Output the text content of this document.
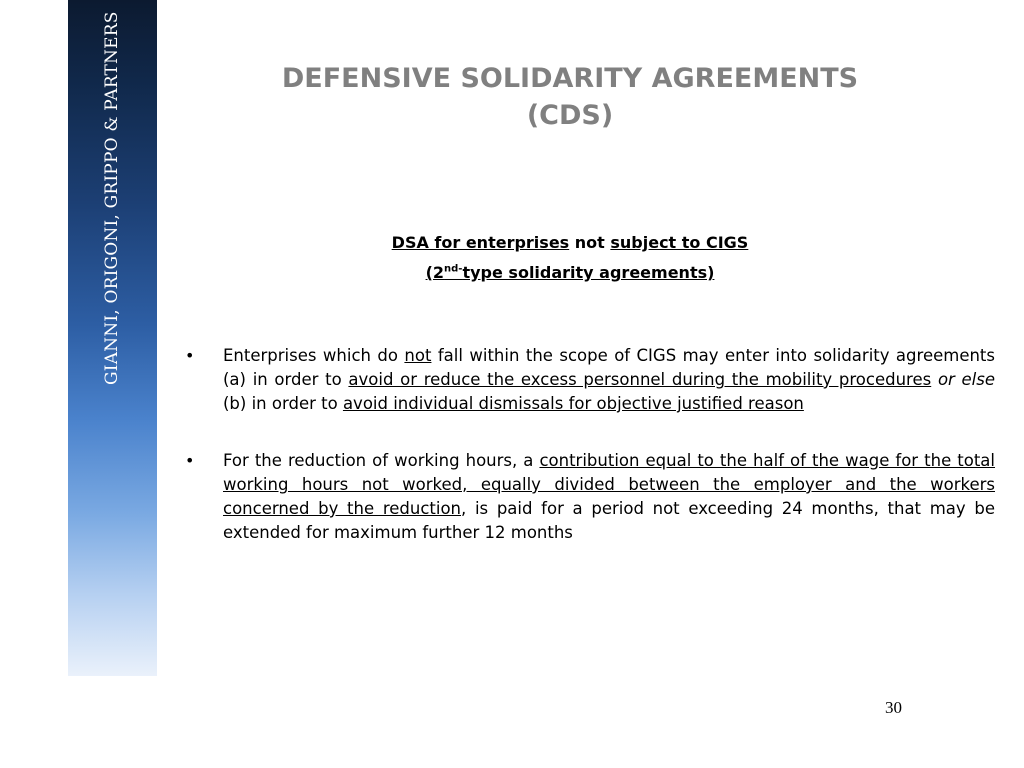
GIANNI, ORIGONI, GRIPPO & PARTNERS	DEFENSIVE SOLIDARITY AGREEMENTS
(CDS)
DSA for enterprises not subject to CIGS
($2^{nd-}type$ solidarity agreements)
• Enterprises which do not fall within the scope of CIGS may enter into solidarity agreements (a) in order to avoid or reduce the excess personnel during the mobility procedures or else (b) in order to avoid individual dismissals for objective justified reason
• For the reduction of working hours, a contribution equal to the half of the wage for the total working hours not worked, equally divided between the employer and the workers concerned by the reduction, is paid for a period not exceeding 24 months, that may be extended for maximum further 12 months
30
